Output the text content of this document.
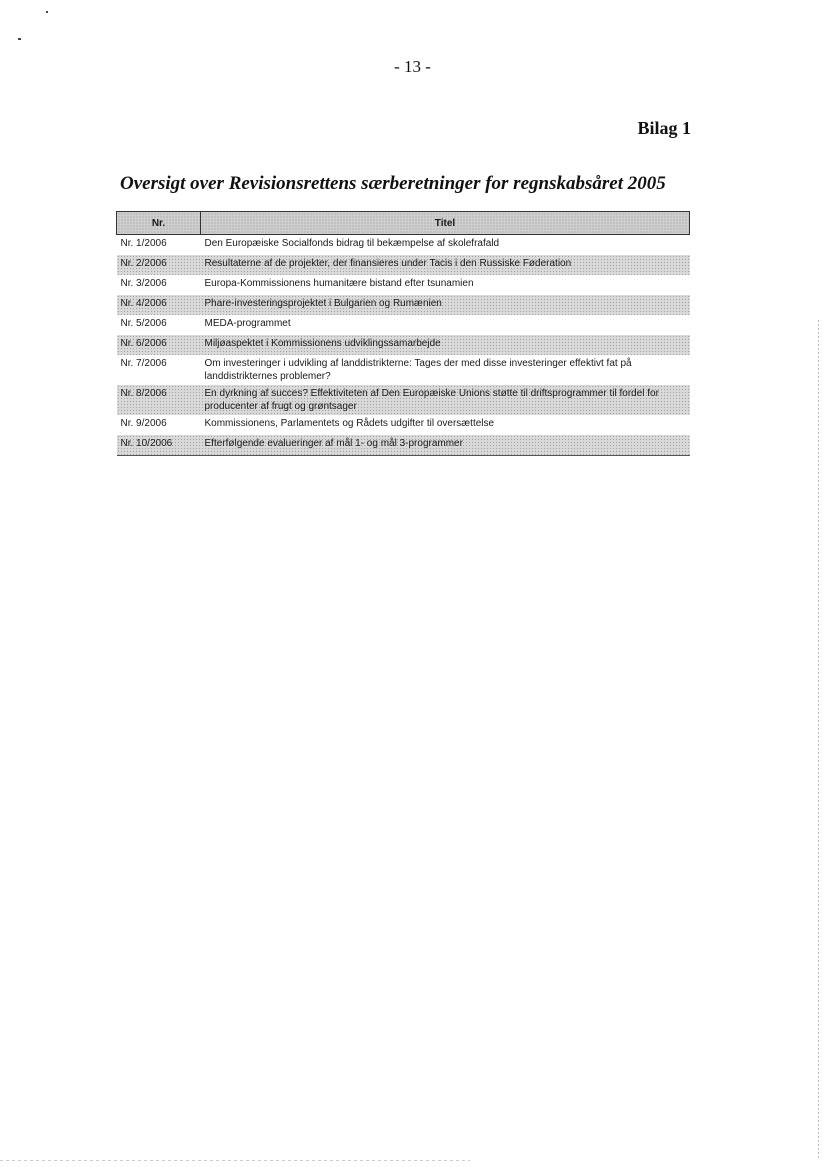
- 13 -
Bilag 1
Oversigt over Revisionsrettens særberetninger for regnskabsåret 2005
Nr.	Titel
Nr. 1/2006	Den Europæiske Socialfonds bidrag til bekæmpelse af skolefrafald
Nr. 2/2006	Resultaterne af de projekter, der finansieres under Tacis i den Russiske Føderation
Nr. 3/2006	Europa-Kommissionens humanitære bistand efter tsunamien
Nr. 4/2006	Phare-investeringsprojektet i Bulgarien og Rumænien
Nr. 5/2006	MEDA-programmet
Nr. 6/2006	Miljøaspektet i Kommissionens udviklingssamarbejde
Nr. 7/2006	Om investeringer i udvikling af landdistrikterne: Tages der med disse investeringer effektivt fat på landdistrikternes problemer?
Nr. 8/2006	En dyrkning af succes? Effektiviteten af Den Europæiske Unions støtte til driftsprogrammer til fordel for producenter af frugt og grøntsager
Nr. 9/2006	Kommissionens, Parlamentets og Rådets udgifter til oversættelse
Nr. 10/2006	Efterfølgende evalueringer af mål 1- og mål 3-programmer
